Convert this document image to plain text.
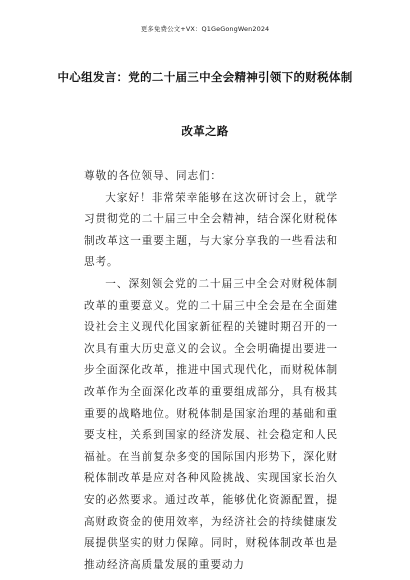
更多免费公文+VX：Q1GeGongWen2024
中心组发言：党的二十届三中全会精神引领下的财税体制
改革之路

尊敬的各位领导、同志们：

大家好！非常荣幸能够在这次研讨会上，就学习贯彻党的二十届三中全会精神，结合深化财税体制改革这一重要主题，与大家分享我的一些看法和思考。

一、深刻领会党的二十届三中全会对财税体制改革的重要意义。党的二十届三中全会是在全面建设社会主义现代化国家新征程的关键时期召开的一次具有重大历史意义的会议。全会明确提出要进一步全面深化改革，推进中国式现代化，而财税体制改革作为全面深化改革的重要组成部分，具有极其重要的战略地位。财税体制是国家治理的基础和重要支柱，关系到国家的经济发展、社会稳定和人民福祉。在当前复杂多变的国际国内形势下，深化财税体制改革是应对各种风险挑战、实现国家长治久安的必然要求。通过改革，能够优化资源配置，提高财政资金的使用效率，为经济社会的持续健康发展提供坚实的财力保障。同时，财税体制改革也是推动经济高质量发展的重要动力
